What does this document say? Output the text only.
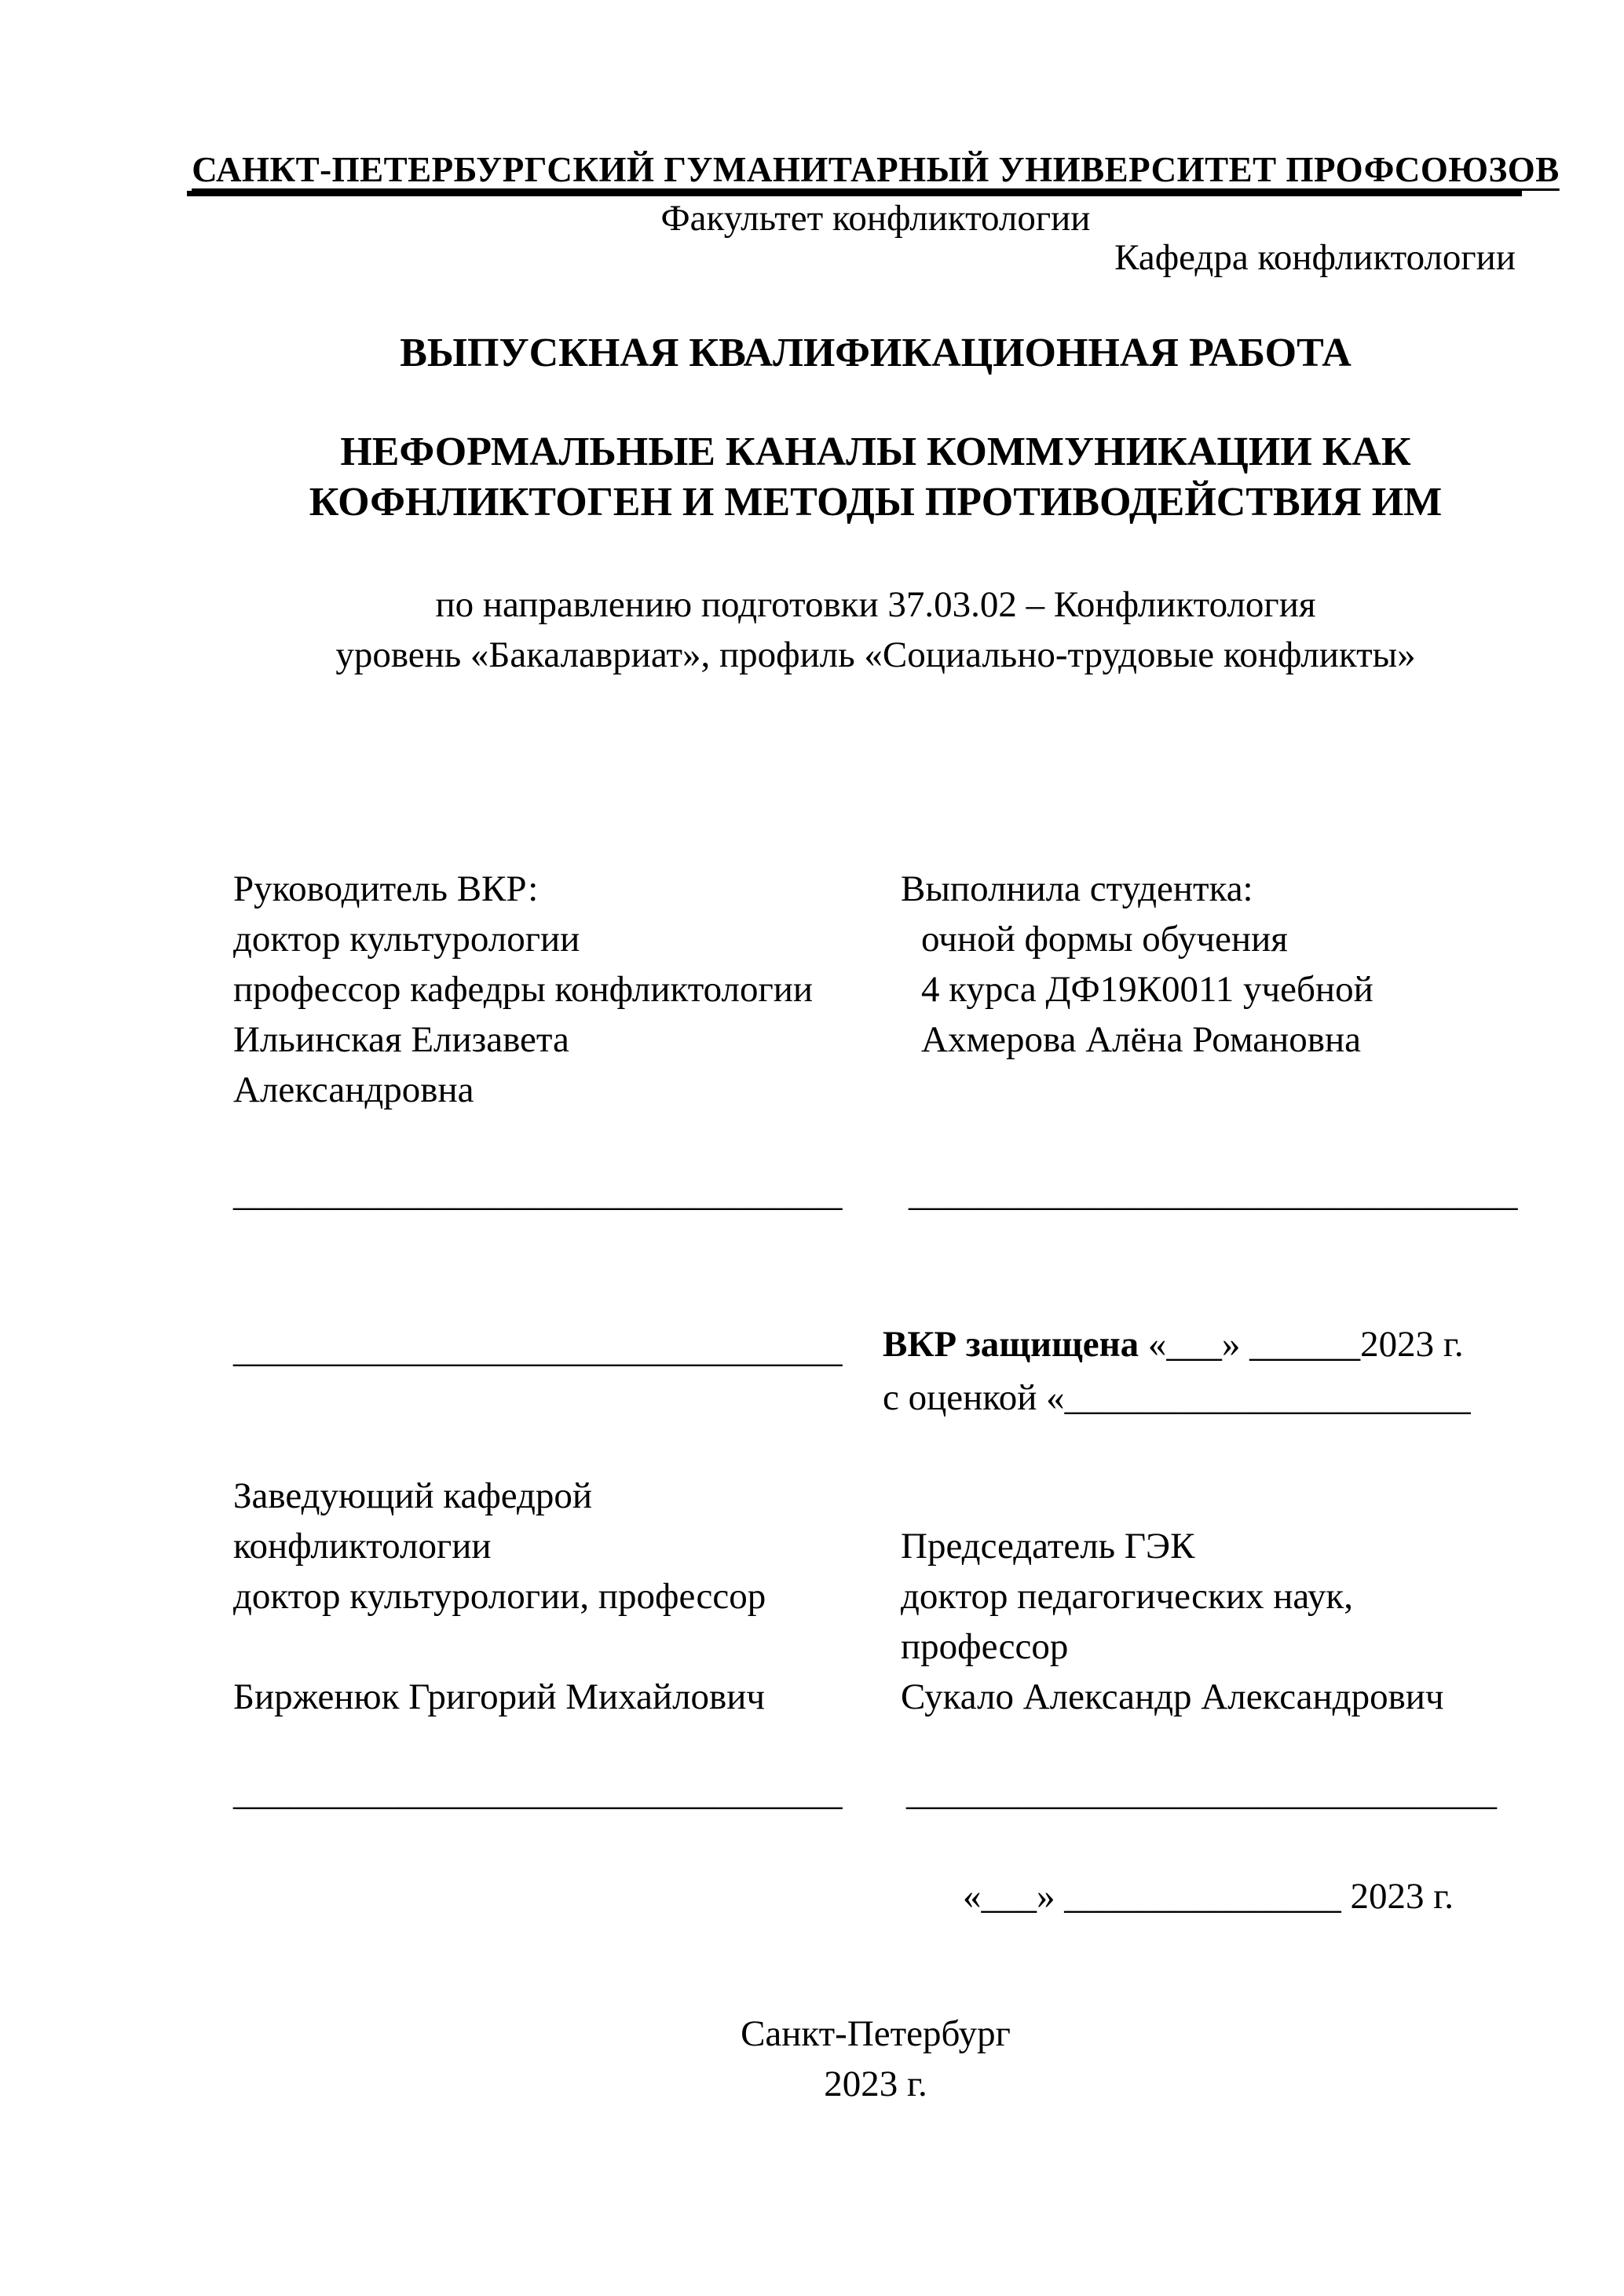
САНКТ-ПЕТЕРБУРГСКИЙ ГУМАНИТАРНЫЙ УНИВЕРСИТЕТ ПРОФСОЮЗОВ
Факультет конфликтологии
Кафедра конфликтологии
ВЫПУСКНАЯ КВАЛИФИКАЦИОННАЯ РАБОТА
НЕФОРМАЛЬНЫЕ КАНАЛЫ КОММУНИКАЦИИ КАК
КОФНЛИКТОГЕН И МЕТОДЫ ПРОТИВОДЕЙСТВИЯ ИМ
по направлению подготовки 37.03.02 – Конфликтология
уровень «Бакалавриат», профиль «Социально-трудовые конфликты»
Руководитель ВКР:
доктор культурологии
профессор кафедры конфликтологии
Ильинская Елизавета
Александровна
Выполнила студентка:
очной формы обучения
4 курса ДФ19К0011 учебной
Ахмерова Алёна Романовна
_________________________________ _________________________________
_________________________________ ВКР защищена «___» ______2023 г.
с оценкой «______________________
Заведующий кафедрой
конфликтологии
доктор культурологии, профессор
Бирженюк Григорий Михайлович
Председатель ГЭК
доктор педагогических наук,
профессор
Сукало Александр Александрович
_________________________________ ________________________________
«___» _______________ 2023 г.
Санкт-Петербург
2023 г.
